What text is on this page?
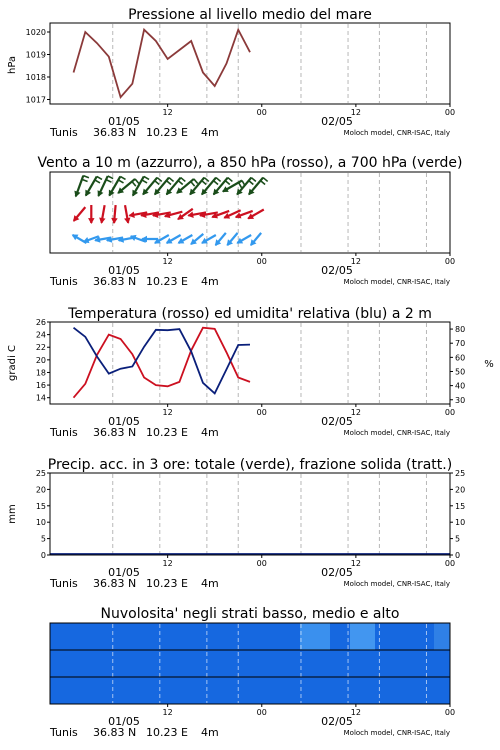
Pressione al livello medio del mare
hPa
1017
1018
1019
1020
12	00	12	00
01/05	02/05
Tunis 36.83 N 10.23 E 4m	Moloch model, CNR-ISAC, Italy
Vento a 10 m (azzurro), a 850 hPa (rosso), a 700 hPa (verde)
12	00	12	00
01/05	02/05
Tunis 36.83 N 10.23 E 4m	Moloch model, CNR-ISAC, Italy
Temperatura (rosso) ed umidita' relativa (blu) a 2 m
gradi C	%
14
16
18
20
22
24
26
30
40
50
60
70
80
12	00	12	00
01/05	02/05
Tunis 36.83 N 10.23 E 4m	Moloch model, CNR-ISAC, Italy
Precip. acc. in 3 ore: totale (verde), frazione solida (tratt.)
mm
0
5
10
15
20
25
0
5
10
15
20
25
12	00	12	00
01/05	02/05
Tunis 36.83 N 10.23 E 4m	Moloch model, CNR-ISAC, Italy
Nuvolosita' negli strati basso, medio e alto
12	00	12	00
01/05	02/05
Tunis 36.83 N 10.23 E 4m	Moloch model, CNR-ISAC, Italy
